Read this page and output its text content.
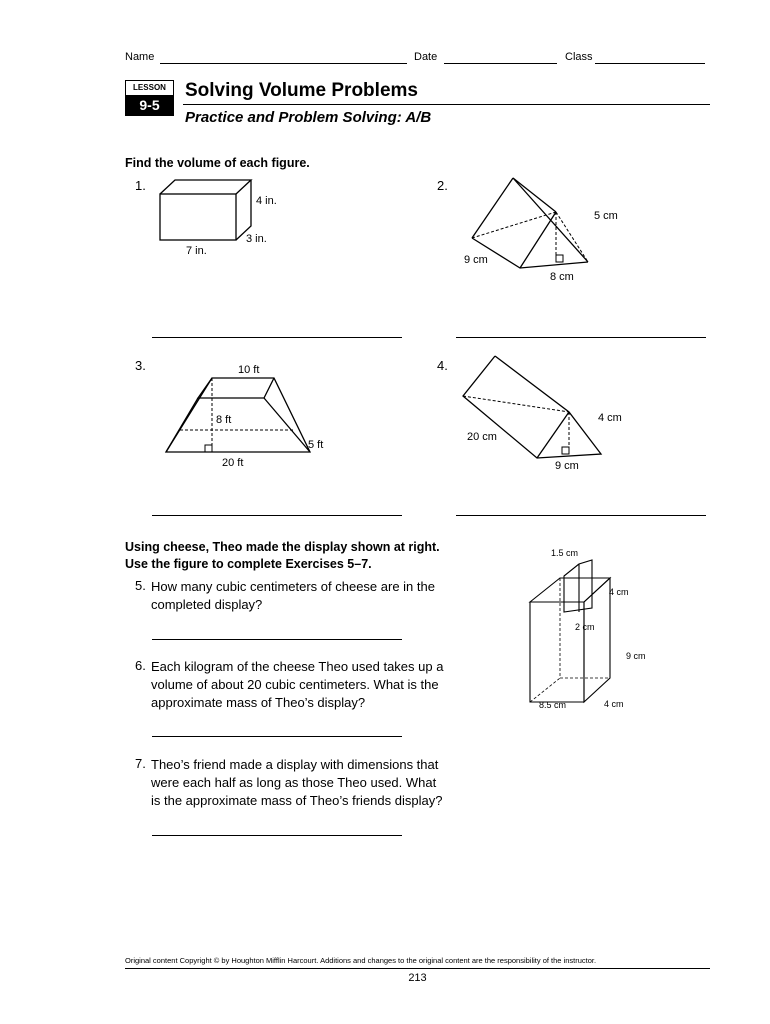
Name	Date	Class
LESSON
9-5
Solving Volume Problems
Practice and Problem Solving: A/B
Find the volume of each figure.
1.	2.
3.	4.
4 in.
3 in.
7 in.
5 cm
9 cm
8 cm
10 ft
8 ft
5 ft
20 ft
4 cm
20 cm
9 cm
Using cheese, Theo made the display shown at right.
Use the figure to complete Exercises 5–7.
5. How many cubic centimeters of cheese are in the
completed display?
6. Each kilogram of the cheese Theo used takes up a
volume of about 20 cubic centimeters. What is the
approximate mass of Theo’s display?
7. Theo’s friend made a display with dimensions that
were each half as long as those Theo used. What
is the approximate mass of Theo’s friends display?
1.5 cm
4 cm
2 cm
9 cm
8.5 cm	4 cm
Original content Copyright © by Houghton Mifflin Harcourt. Additions and changes to the original content are the responsibility of the instructor.
213
